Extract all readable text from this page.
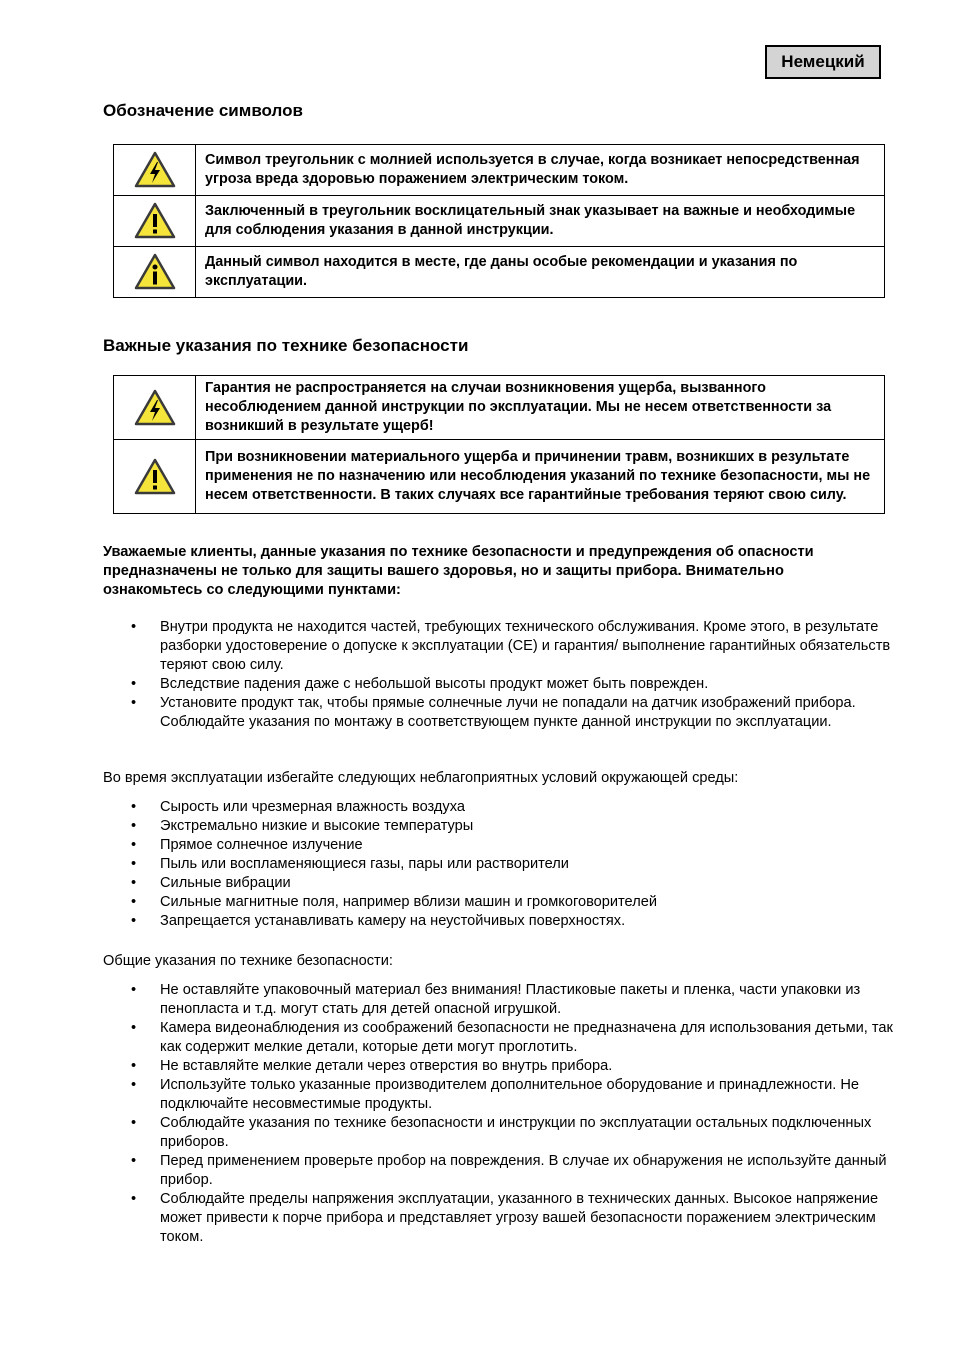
Немецкий
Обозначение символов
	Символ треугольник с молнией используется в случае, когда возникает непосредственная угроза вреда здоровью поражением электрическим током.

	Заключенный в треугольник восклицательный знак указывает на важные и необходимые для соблюдения указания в данной инструкции.

	Данный символ находится в месте, где даны особые рекомендации и указания по эксплуатации.
Важные указания по технике безопасности
	Гарантия не распространяется на случаи возникновения ущерба, вызванного несоблюдением данной инструкции по эксплуатации. Мы не несем ответственности за возникший в результате ущерб!

	При возникновении материального ущерба и причинении травм, возникших в результате применения не по назначению или несоблюдения указаний по технике безопасности, мы не несем ответственности. В таких случаях все гарантийные требования теряют свою силу.

Уважаемые клиенты, данные указания по технике безопасности и предупреждения об опасности предназначены не только для защиты вашего здоровья, но и защиты прибора. Внимательно ознакомьтесь со следующими пунктами:

• Внутри продукта не находится частей, требующих технического обслуживания. Кроме этого, в результате разборки удостоверение о допуске к эксплуатации (CE) и гарантия/ выполнение гарантийных обязательств теряют свою силу.
• Вследствие падения даже с небольшой высоты продукт может быть поврежден.
• Установите продукт так, чтобы прямые солнечные лучи не попадали на датчик изображений прибора. Соблюдайте указания по монтажу в соответствующем пункте данной инструкции по эксплуатации.

Во время эксплуатации избегайте следующих неблагоприятных условий окружающей среды:

• Сырость или чрезмерная влажность воздуха
• Экстремально низкие и высокие температуры
• Прямое солнечное излучение
• Пыль или воспламеняющиеся газы, пары или растворители
• Сильные вибрации
• Сильные магнитные поля, например вблизи машин и громкоговорителей
• Запрещается устанавливать камеру на неустойчивых поверхностях.

Общие указания по технике безопасности:

• Не оставляйте упаковочный материал без внимания! Пластиковые пакеты и пленка, части упаковки из пенопласта и т.д. могут стать для детей опасной игрушкой.
• Камера видеонаблюдения из соображений безопасности не предназначена для использования детьми, так как содержит мелкие детали, которые дети могут проглотить.
• Не вставляйте мелкие детали через отверстия во внутрь прибора.
• Используйте только указанные производителем дополнительное оборудование и принадлежности. Не подключайте несовместимые продукты.
• Соблюдайте указания по технике безопасности и инструкции по эксплуатации остальных подключенных приборов.
• Перед применением проверьте пробор на повреждения. В случае их обнаружения не используйте данный прибор.
• Соблюдайте пределы напряжения эксплуатации, указанного в технических данных. Высокое напряжение может привести к порче прибора и представляет угрозу вашей безопасности поражением электрическим током.
